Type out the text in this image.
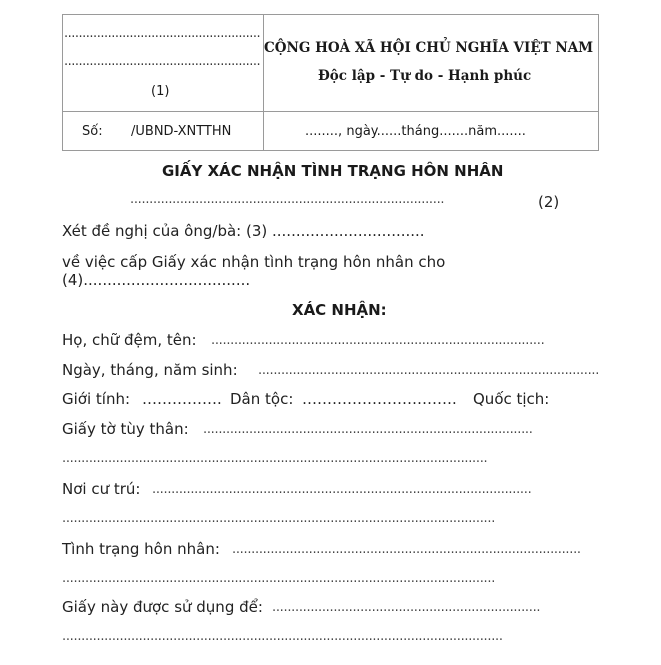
......................................................
......................................................
(1)
CỘNG HOÀ XÃ HỘI CHỦ NGHĨA VIỆT NAM
Độc lập - Tự do - Hạnh phúc
Số: /UBND-XNTTHN	........, ngày......tháng.......năm.......
GIẤY XÁC NHẬN TÌNH TRẠNG HÔN NHÂN
..................................................................................	(2)
Xét đề nghị của ông/bà: (3) ................................
về việc cấp Giấy xác nhận tình trạng hôn nhân cho
(4)...................................
XÁC NHẬN:
Họ, chữ đệm, tên: .......................................................................................
Ngày, tháng, năm sinh: .........................................................................................
Giới tính: ……………. Dân tộc: …………………………. Quốc tịch:
Giấy tờ tùy thân: ......................................................................................
...............................................................................................................
Nơi cư trú: ...................................................................................................
.................................................................................................................
Tình trạng hôn nhân: ...........................................................................................
.................................................................................................................
Giấy này được sử dụng để: ......................................................................
...................................................................................................................
